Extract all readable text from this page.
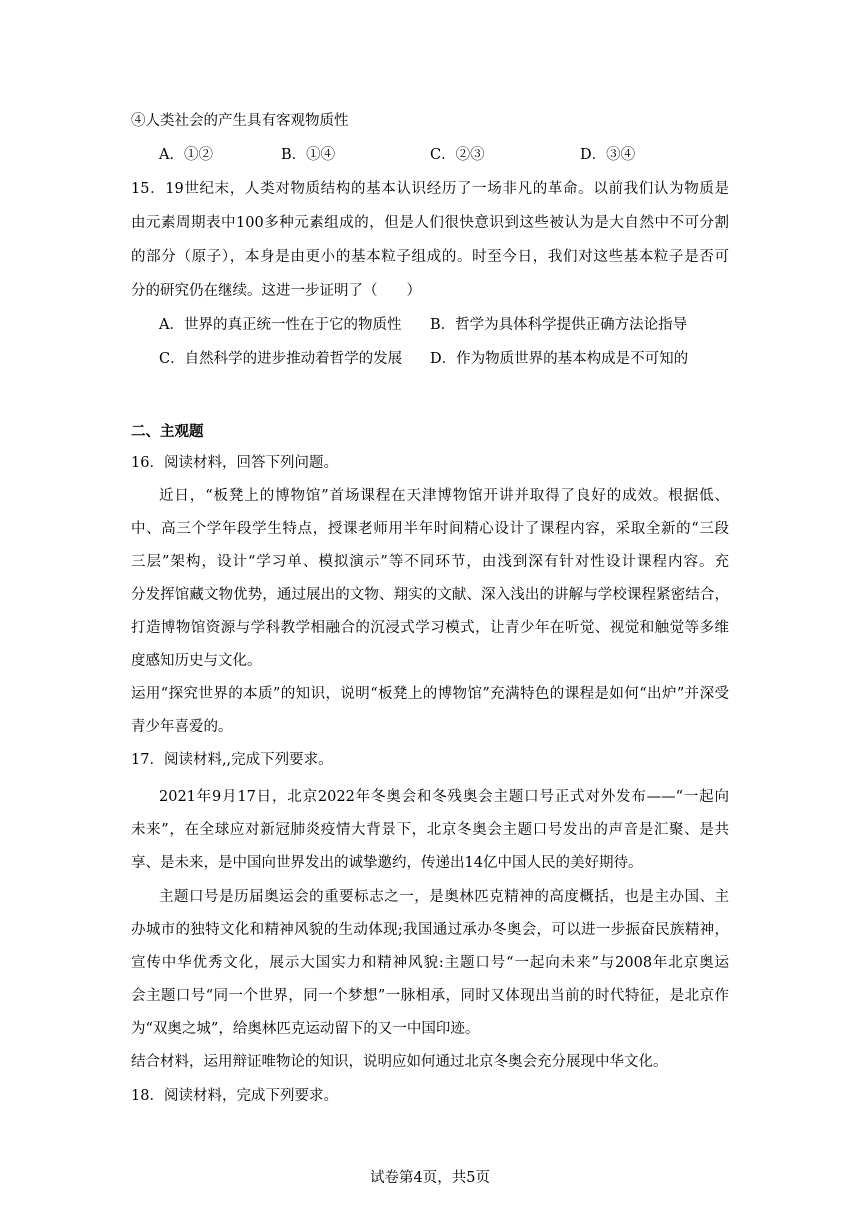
④人类社会的产生具有客观物质性
A．①②	B．①④	C．②③	D．③④
15．19世纪末，人类对物质结构的基本认识经历了一场非凡的革命。以前我们认为物质是
由元素周期表中100多种元素组成的，但是人们很快意识到这些被认为是大自然中不可分割
的部分（原子），本身是由更小的基本粒子组成的。时至今日，我们对这些基本粒子是否可
分的研究仍在继续。这进一步证明了（　　）
A．世界的真正统一性在于它的物质性 B．哲学为具体科学提供正确方法论指导
C．自然科学的进步推动着哲学的发展 D．作为物质世界的基本构成是不可知的
二、主观题
16．阅读材料，回答下列问题。
近日，“板凳上的博物馆”首场课程在天津博物馆开讲并取得了良好的成效。根据低、
中、高三个学年段学生特点，授课老师用半年时间精心设计了课程内容，采取全新的“三段
三层”架构，设计“学习单、模拟演示”等不同环节，由浅到深有针对性设计课程内容。充
分发挥馆藏文物优势，通过展出的文物、翔实的文献、深入浅出的讲解与学校课程紧密结合，
打造博物馆资源与学科教学相融合的沉浸式学习模式，让青少年在听觉、视觉和触觉等多维
度感知历史与文化。
运用“探究世界的本质”的知识，说明“板凳上的博物馆”充满特色的课程是如何“出炉”并深受
青少年喜爱的。
17．阅读材料,,完成下列要求。
2021年9月17日，北京2022年冬奥会和冬残奥会主题口号正式对外发布——“一起向
未来”，在全球应对新冠肺炎疫情大背景下，北京冬奥会主题口号发出的声音是汇聚、是共
享、是未来，是中国向世界发出的诚挚邀约，传递出14亿中国人民的美好期待。
主题口号是历届奥运会的重要标志之一，是奥林匹克精神的高度概括，也是主办国、主
办城市的独特文化和精神风貌的生动体现;我国通过承办冬奥会，可以进一步振奋民族精神，
宣传中华优秀文化，展示大国实力和精神风貌:主题口号“一起向未来”与2008年北京奥运
会主题口号“同一个世界，同一个梦想”一脉相承，同时又体现出当前的时代特征，是北京作
为“双奥之城”，给奥林匹克运动留下的又一中国印迹。
结合材料，运用辩证唯物论的知识，说明应如何通过北京冬奥会充分展现中华文化。
18．阅读材料，完成下列要求。
试卷第4页，共5页
